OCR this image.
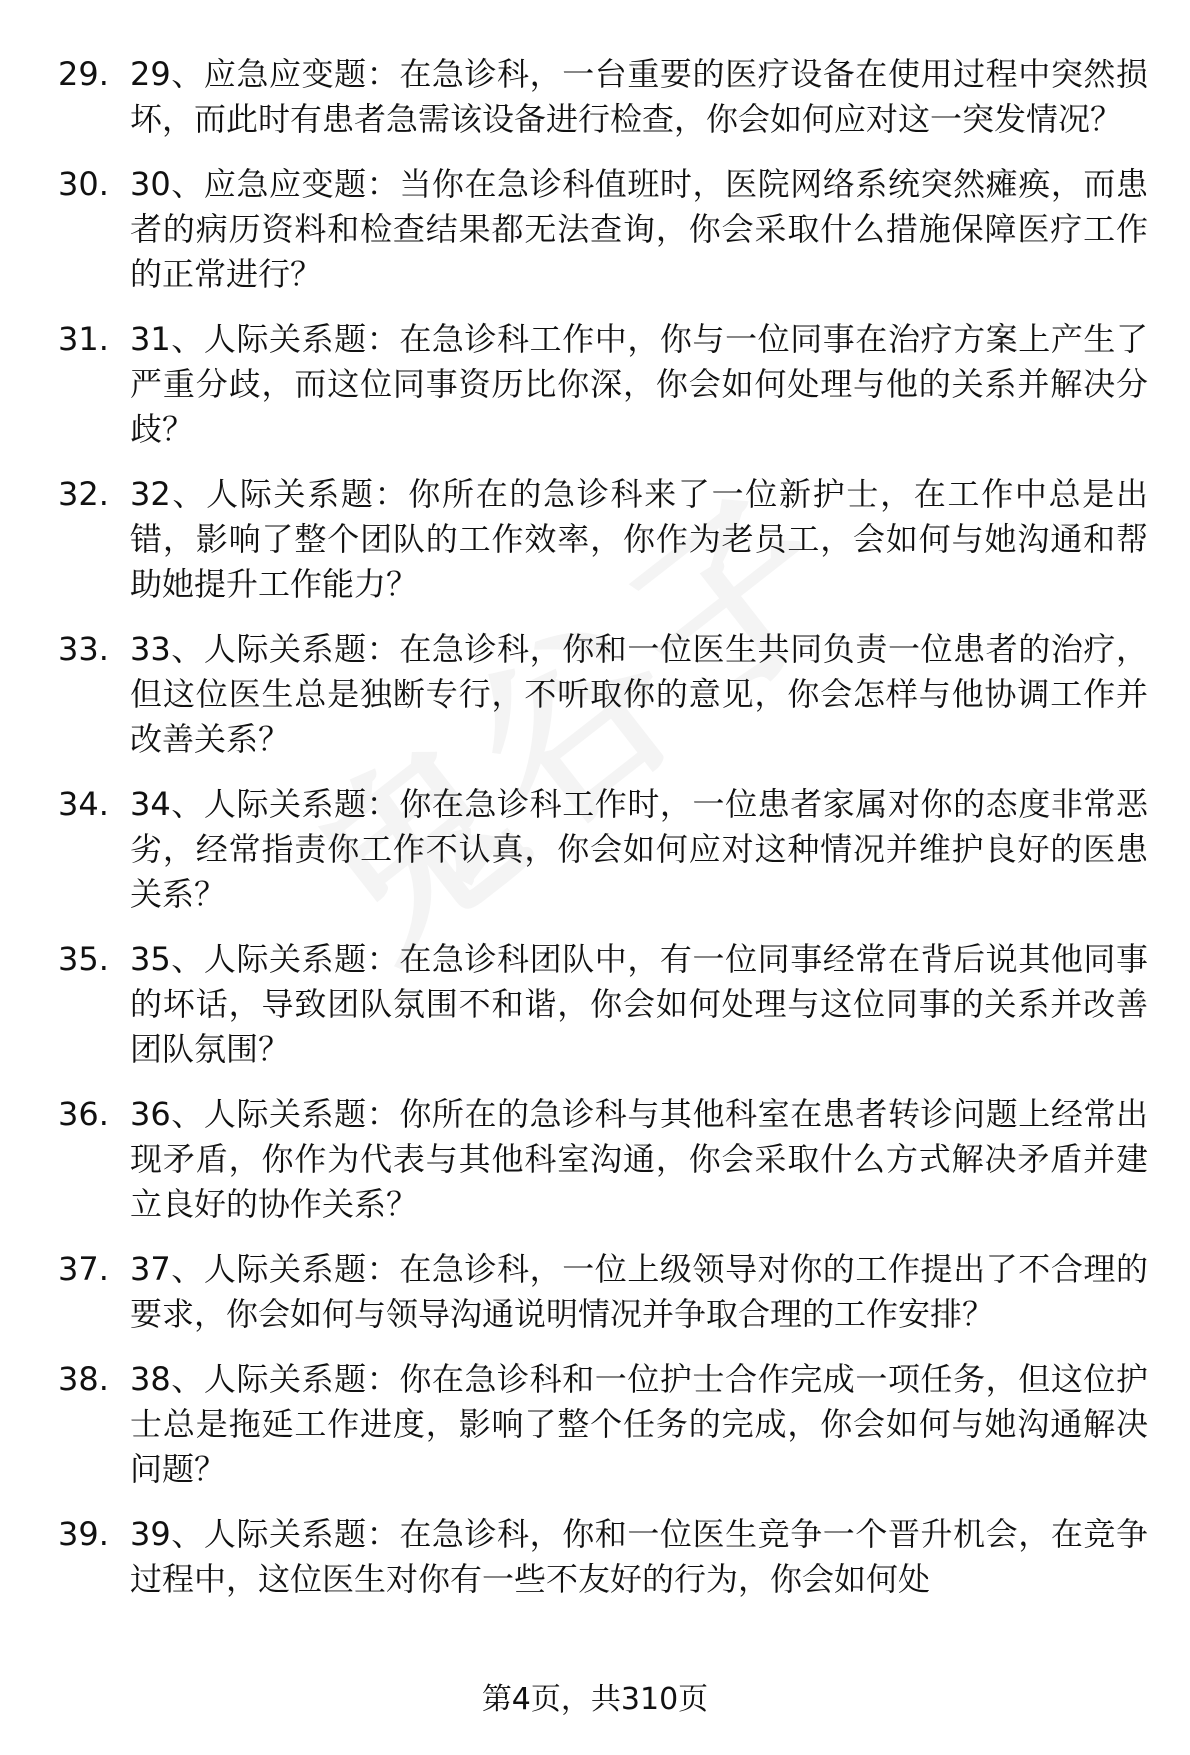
29. 29、应急应变题：在急诊科，一台重要的医疗设备在使用过程中突然损坏，而此时有患者急需该设备进行检查，你会如何应对这一突发情况？
30. 30、应急应变题：当你在急诊科值班时，医院网络系统突然瘫痪，而患者的病历资料和检查结果都无法查询，你会采取什么措施保障医疗工作的正常进行？
31. 31、人际关系题：在急诊科工作中，你与一位同事在治疗方案上产生了严重分歧，而这位同事资历比你深，你会如何处理与他的关系并解决分歧？
32. 32、人际关系题：你所在的急诊科来了一位新护士，在工作中总是出错，影响了整个团队的工作效率，你作为老员工，会如何与她沟通和帮助她提升工作能力？
33. 33、人际关系题：在急诊科，你和一位医生共同负责一位患者的治疗，但这位医生总是独断专行，不听取你的意见，你会怎样与他协调工作并改善关系？
34. 34、人际关系题：你在急诊科工作时，一位患者家属对你的态度非常恶劣，经常指责你工作不认真，你会如何应对这种情况并维护良好的医患关系？
35. 35、人际关系题：在急诊科团队中，有一位同事经常在背后说其他同事的坏话，导致团队氛围不和谐，你会如何处理与这位同事的关系并改善团队氛围？
36. 36、人际关系题：你所在的急诊科与其他科室在患者转诊问题上经常出现矛盾，你作为代表与其他科室沟通，你会采取什么方式解决矛盾并建立良好的协作关系？
37. 37、人际关系题：在急诊科，一位上级领导对你的工作提出了不合理的要求，你会如何与领导沟通说明情况并争取合理的工作安排？
38. 38、人际关系题：你在急诊科和一位护士合作完成一项任务，但这位护士总是拖延工作进度，影响了整个任务的完成，你会如何与她沟通解决问题？
39. 39、人际关系题：在急诊科，你和一位医生竞争一个晋升机会，在竞争过程中，这位医生对你有一些不友好的行为，你会如何处
第4页，共310页
